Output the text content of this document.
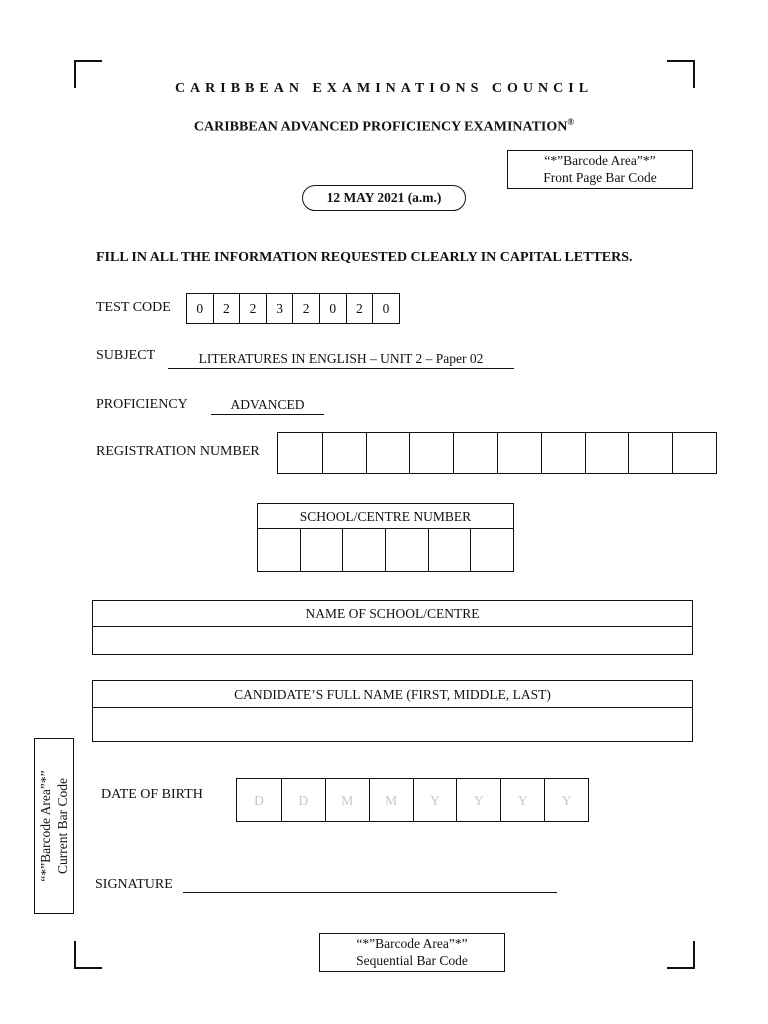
CARIBBEAN EXAMINATIONS COUNCIL
CARIBBEAN ADVANCED PROFICIENCY EXAMINATION®
“*”Barcode Area”*”
Front Page Bar Code
12 MAY 2021 (a.m.)
FILL IN ALL THE INFORMATION REQUESTED CLEARLY IN CAPITAL LETTERS.
TEST CODE	0	2	2	3	2	0	2	0
SUBJECT	LITERATURES IN ENGLISH – UNIT 2 – Paper 02
PROFICIENCY	ADVANCED
REGISTRATION NUMBER
SCHOOL/CENTRE NUMBER
NAME OF SCHOOL/CENTRE
CANDIDATE’S FULL NAME (FIRST, MIDDLE, LAST)
“*”Barcode Area”*” Current Bar Code DATE OF BIRTH	D	D	M	M	Y	Y	Y	Y
SIGNATURE
“*”Barcode Area”*”
Sequential Bar Code
